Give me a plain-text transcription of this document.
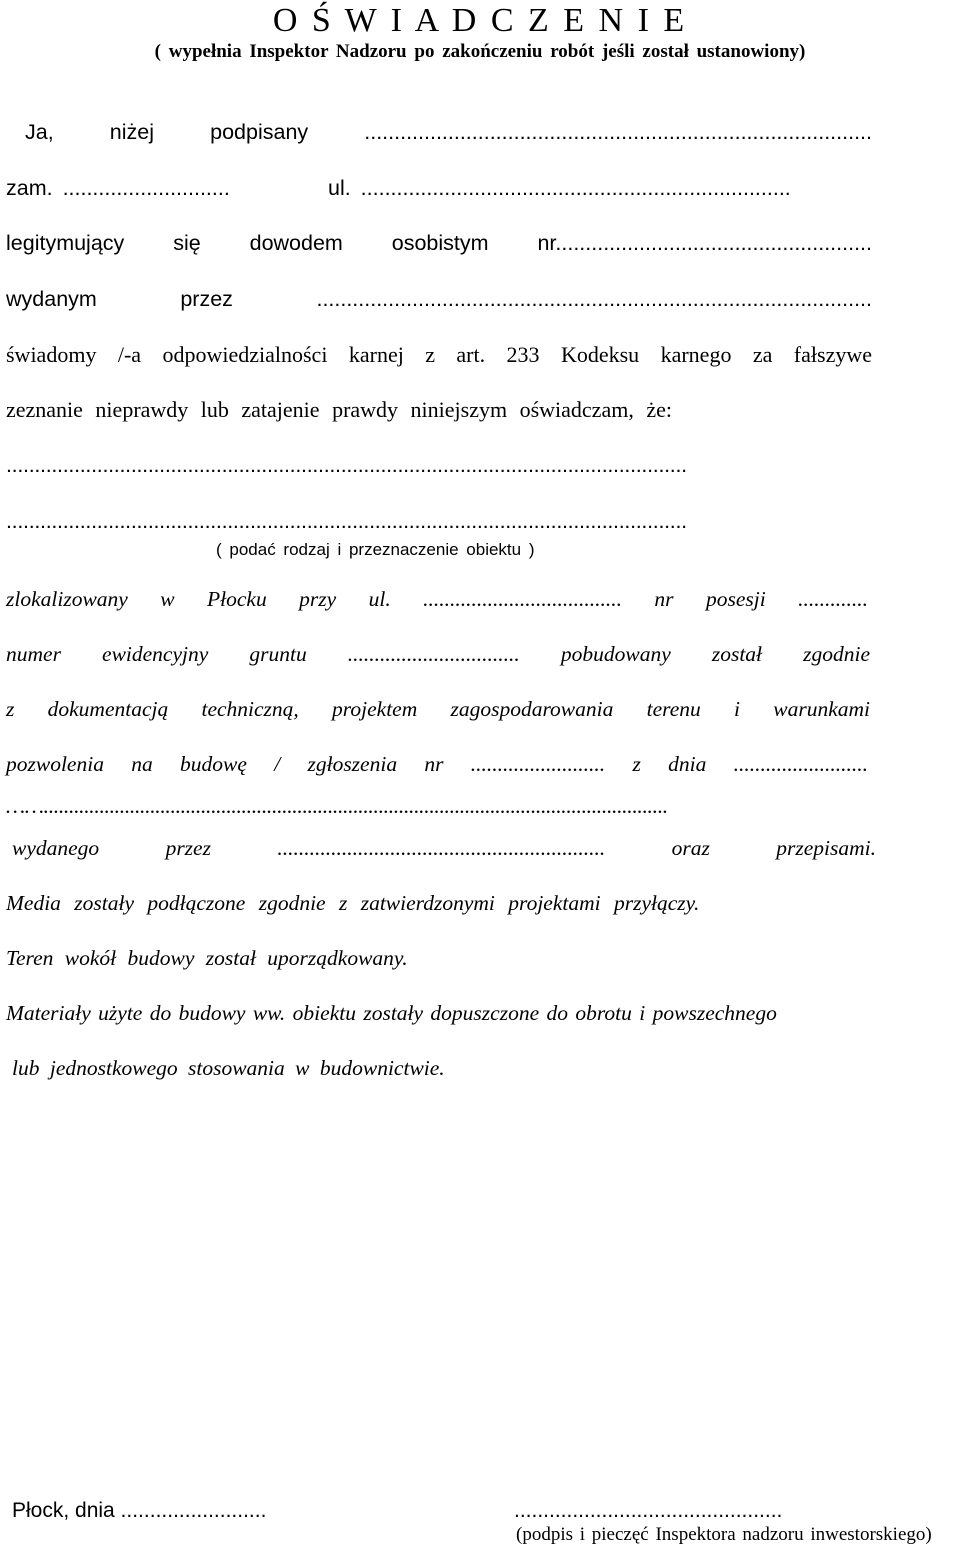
O Ś W I A D C Z E N I E
( wypełnia Inspektor Nadzoru po zakończeniu robót jeśli został ustanowiony)
Ja, niżej podpisany .....................................................................................
zam. ............................	ul. ........................................................................
legitymujący się dowodem osobistym nr.....................................................
wydanym przez .............................................................................................
świadomy /-a odpowiedzialności karnej z art. 233 Kodeksu karnego za fałszywe
zeznanie nieprawdy lub zatajenie prawdy niniejszym oświadczam, że:
........................................................................................................................
........................................................................................................................
( podać rodzaj i przeznaczenie obiektu )
zlokalizowany w Płocku przy ul. ..................................... nr posesji .............
numer ewidencyjny gruntu ................................ pobudowany został zgodnie
z dokumentacją techniczną, projektem zagospodarowania terenu i warunkami
pozwolenia na budowę / zgłoszenia nr ......................... z dnia .........................
……...........................................................................................................................
wydanego przez ............................................................. oraz przepisami.
Media zostały podłączone zgodnie z zatwierdzonymi projektami przyłączy.
Teren wokół budowy został uporządkowany.
Materiały użyte do budowy ww. obiektu zostały dopuszczone do obrotu i powszechnego
lub jednostkowego stosowania w budownictwie.
Płock, dnia .........................	..............................................
(podpis i pieczęć Inspektora nadzoru inwestorskiego)
